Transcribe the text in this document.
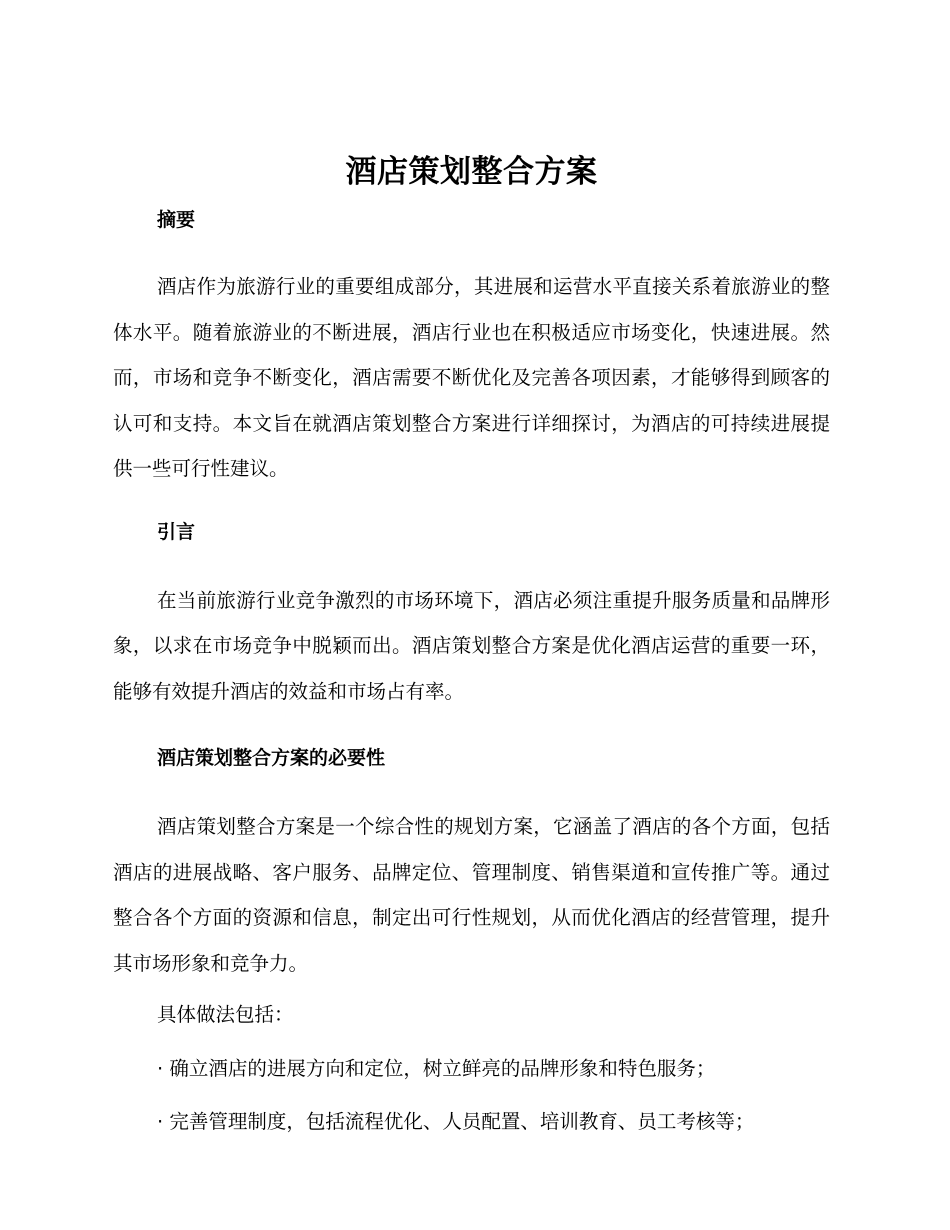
酒店策划整合方案
摘要

酒店作为旅游行业的重要组成部分，其进展和运营水平直接关系着旅游业的整体水平。随着旅游业的不断进展，酒店行业也在积极适应市场变化，快速进展。然而，市场和竞争不断变化，酒店需要不断优化及完善各项因素，才能够得到顾客的认可和支持。本文旨在就酒店策划整合方案进行详细探讨，为酒店的可持续进展提供一些可行性建议。

引言

在当前旅游行业竞争激烈的市场环境下，酒店必须注重提升服务质量和品牌形象，以求在市场竞争中脱颖而出。酒店策划整合方案是优化酒店运营的重要一环，能够有效提升酒店的效益和市场占有率。

酒店策划整合方案的必要性

酒店策划整合方案是一个综合性的规划方案，它涵盖了酒店的各个方面，包括酒店的进展战略、客户服务、品牌定位、管理制度、销售渠道和宣传推广等。通过整合各个方面的资源和信息，制定出可行性规划，从而优化酒店的经营管理，提升其市场形象和竞争力。

具体做法包括：

· 确立酒店的进展方向和定位，树立鲜亮的品牌形象和特色服务；

· 完善管理制度，包括流程优化、人员配置、培训教育、员工考核等；
